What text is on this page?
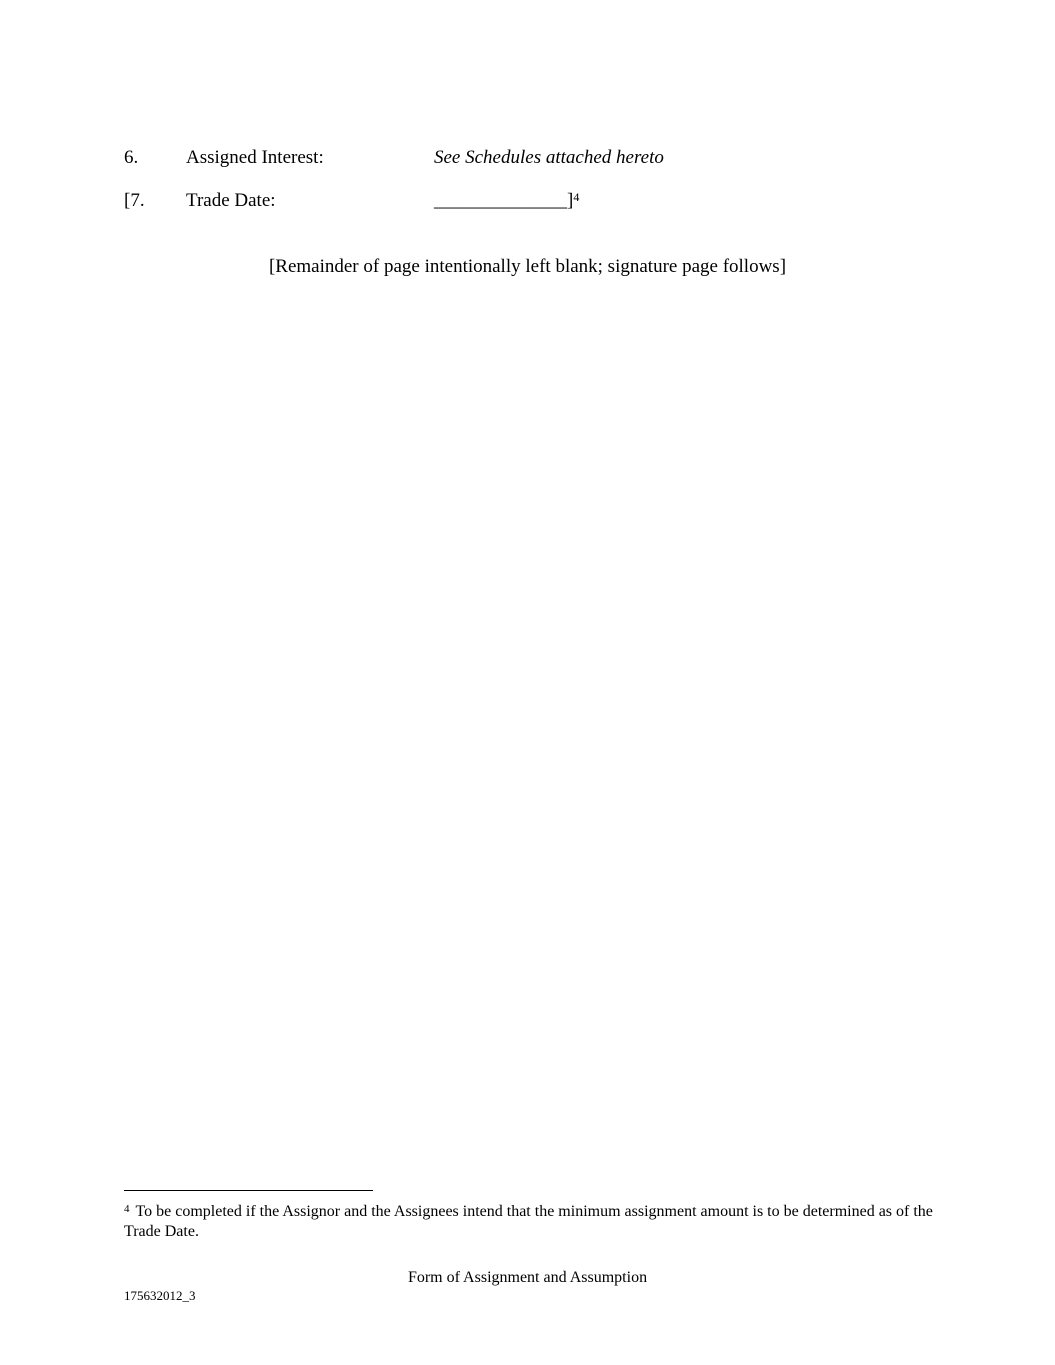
6.	Assigned Interest:	See Schedules attached hereto
[7. Trade Date:	______________]$^4$
[Remainder of page intentionally left blank; signature page follows]
$^4$ To be completed if the Assignor and the Assignees intend that the minimum assignment amount is to be determined as of the Trade Date.
Form of Assignment and Assumption
175632012_3
